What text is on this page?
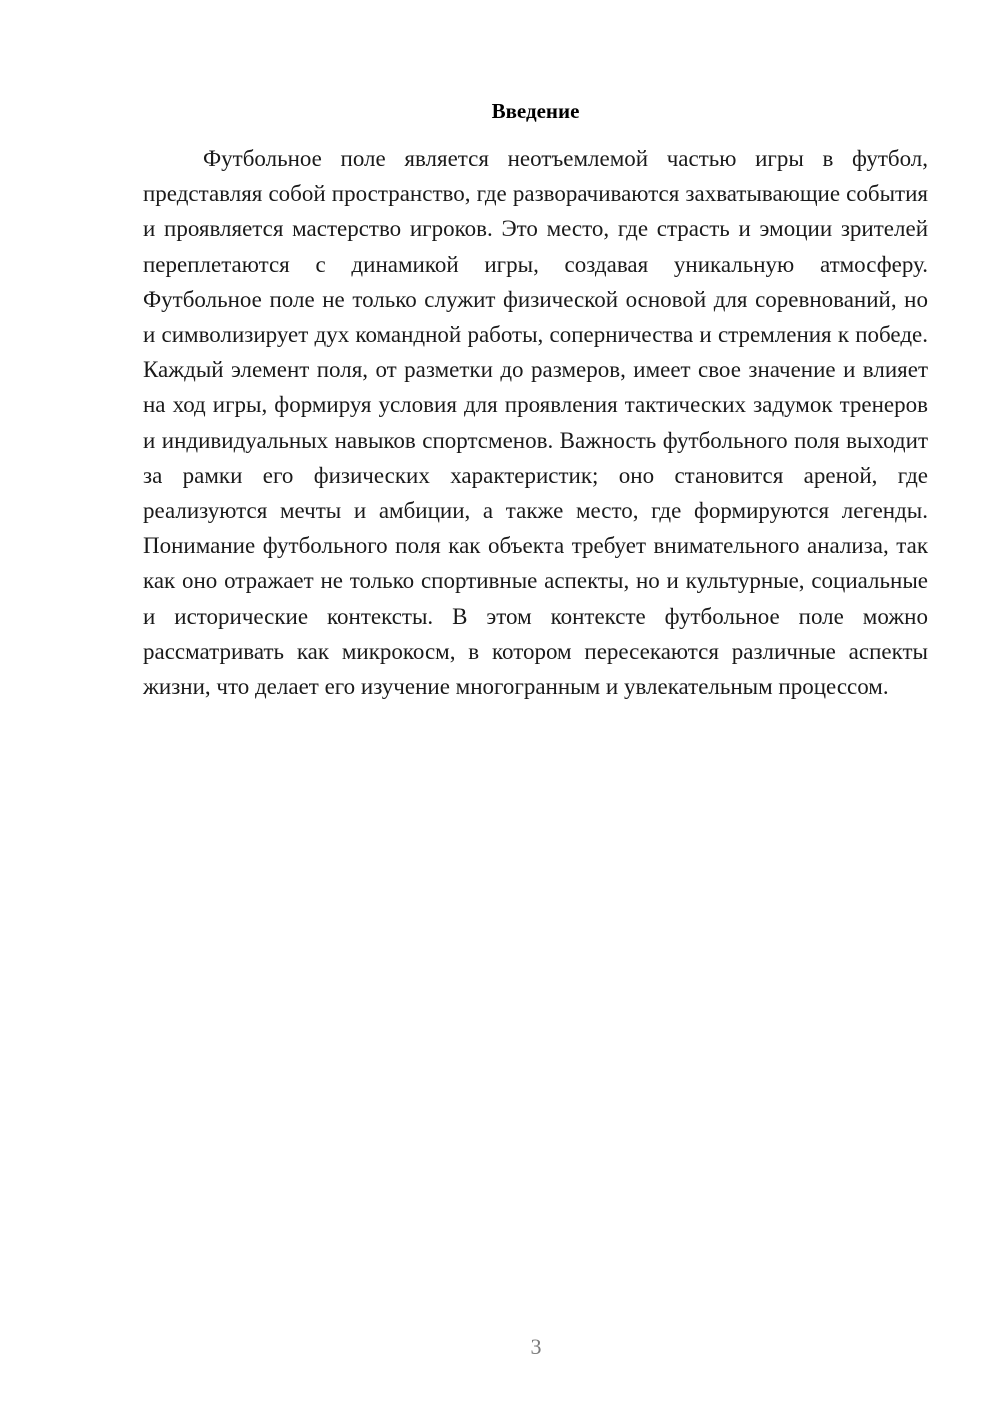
Введение

Футбольное поле является неотъемлемой частью игры в футбол, представляя собой пространство, где разворачиваются захватывающие события и проявляется мастерство игроков. Это место, где страсть и эмоции зрителей переплетаются с динамикой игры, создавая уникальную атмосферу. Футбольное поле не только служит физической основой для соревнований, но и символизирует дух командной работы, соперничества и стремления к победе. Каждый элемент поля, от разметки до размеров, имеет свое значение и влияет на ход игры, формируя условия для проявления тактических задумок тренеров и индивидуальных навыков спортсменов. Важность футбольного поля выходит за рамки его физических характеристик; оно становится ареной, где реализуются мечты и амбиции, а также место, где формируются легенды. Понимание футбольного поля как объекта требует внимательного анализа, так как оно отражает не только спортивные аспекты, но и культурные, социальные и исторические контексты. В этом контексте футбольное поле можно рассматривать как микрокосм, в котором пересекаются различные аспекты жизни, что делает его изучение многогранным и увлекательным процессом.

3
